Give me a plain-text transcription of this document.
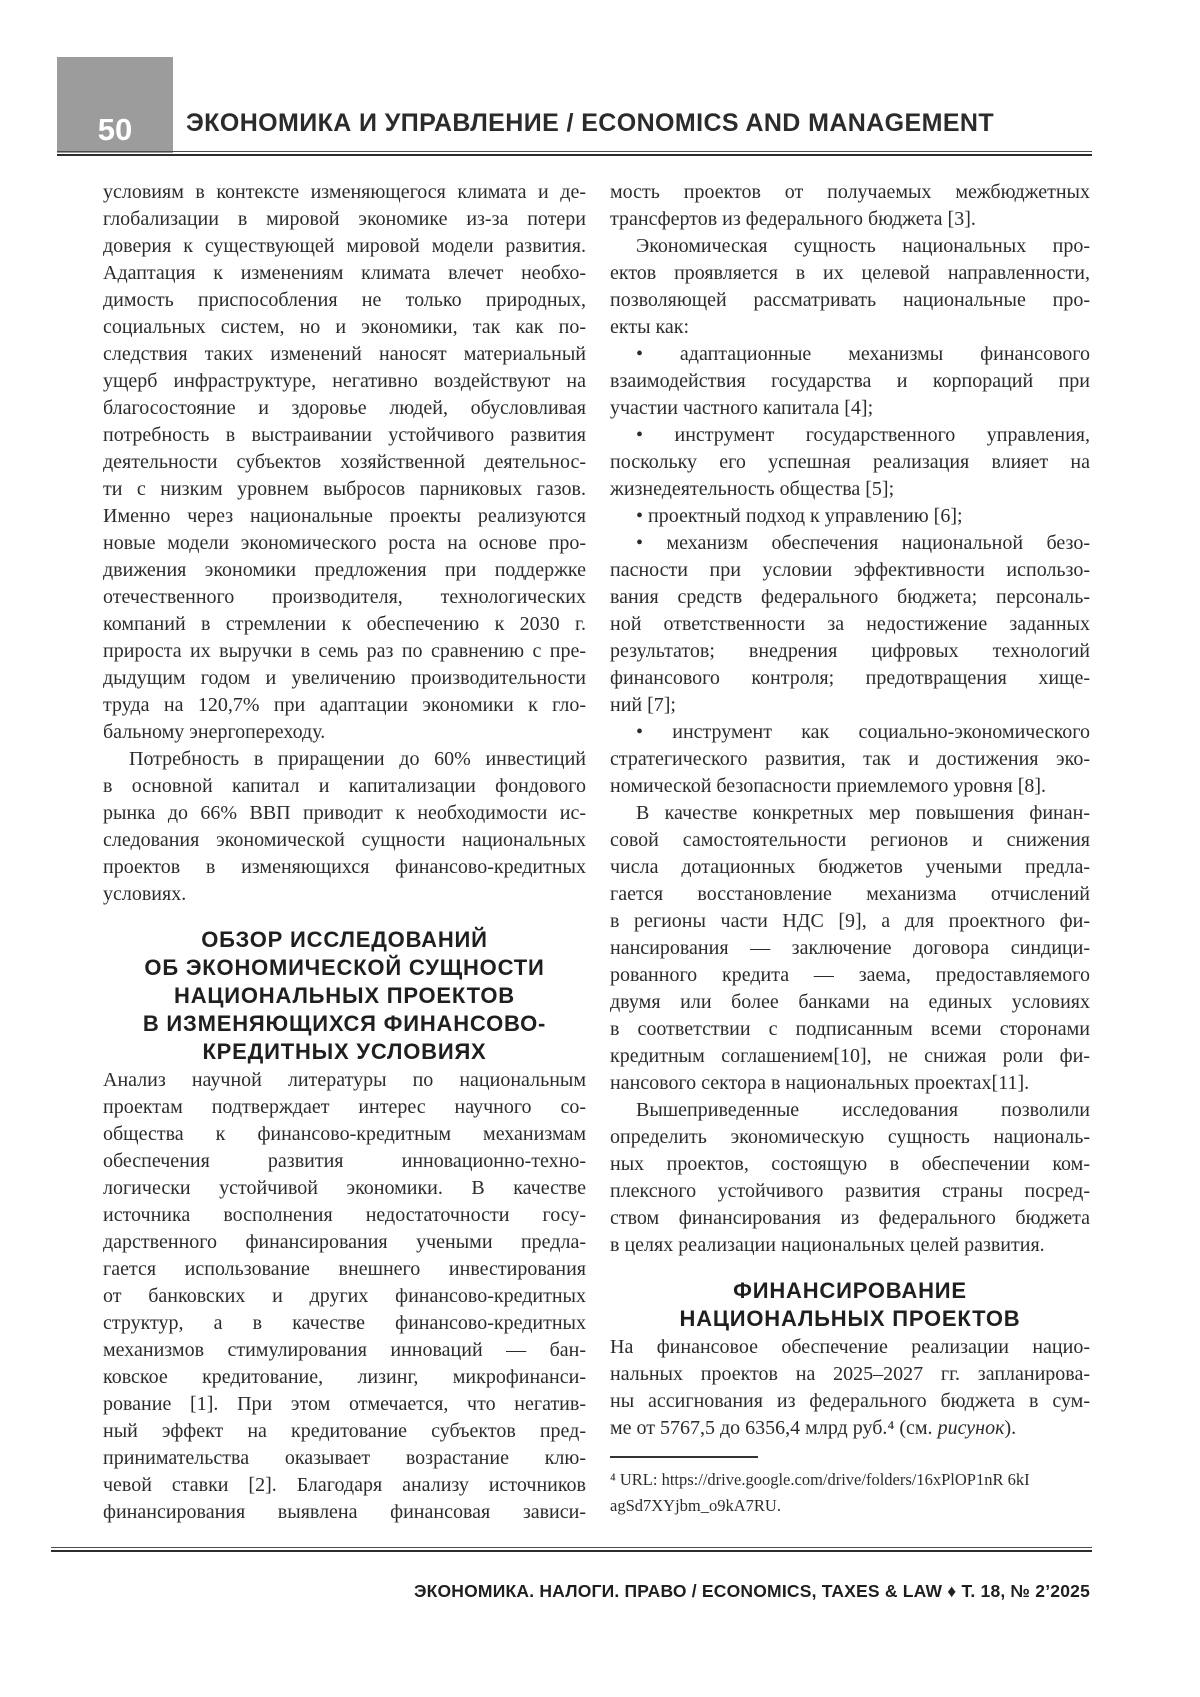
50 ЭКОНОМИКА И УПРАВЛЕНИЕ / ECONOMICS AND MANAGEMENT
условиям в контексте изменяющегося климата и де-
глобализации в мировой экономике из-за потери
доверия к существующей мировой модели развития.
Адаптация к изменениям климата влечет необхо-
димость приспособления не только природных,
социальных систем, но и экономики, так как по-
следствия таких изменений наносят материальный
ущерб инфраструктуре, негативно воздействуют на
благосостояние и здоровье людей, обусловливая
потребность в выстраивании устойчивого развития
деятельности субъектов хозяйственной деятельнос-
ти с низким уровнем выбросов парниковых газов.
Именно через национальные проекты реализуются
новые модели экономического роста на основе про-
движения экономики предложения при поддержке
отечественного производителя, технологических
компаний в стремлении к обеспечению к 2030 г.
прироста их выручки в семь раз по сравнению с пре-
дыдущим годом и увеличению производительности
труда на 120,7% при адаптации экономики к гло-
бальному энергопереходу.
Потребность в приращении до 60% инвестиций
в основной капитал и капитализации фондового
рынка до 66% ВВП приводит к необходимости ис-
следования экономической сущности национальных
проектов в изменяющихся финансово-кредитных
условиях.
ОБЗОР ИССЛЕДОВАНИЙ
ОБ ЭКОНОМИЧЕСКОЙ СУЩНОСТИ
НАЦИОНАЛЬНЫХ ПРОЕКТОВ
В ИЗМЕНЯЮЩИХСЯ ФИНАНСОВО-
КРЕДИТНЫХ УСЛОВИЯХ
Анализ научной литературы по национальным
проектам подтверждает интерес научного со-
общества к финансово-кредитным механизмам
обеспечения развития инновационно-техно-
логически устойчивой экономики. В качестве
источника восполнения недостаточности госу-
дарственного финансирования учеными предла-
гается использование внешнего инвестирования
от банковских и других финансово-кредитных
структур, а в качестве финансово-кредитных
механизмов стимулирования инноваций — бан-
ковское кредитование, лизинг, микрофинанси-
рование [1]. При этом отмечается, что негатив-
ный эффект на кредитование субъектов пред-
принимательства оказывает возрастание клю-
чевой ставки [2]. Благодаря анализу источников
финансирования выявлена финансовая зависи-
мость проектов от получаемых межбюджетных
трансфертов из федерального бюджета [3].
Экономическая сущность национальных про-
ектов проявляется в их целевой направленности,
позволяющей рассматривать национальные про-
екты как:
• адаптационные механизмы финансового
взаимодействия государства и корпораций при
участии частного капитала [4];
• инструмент государственного управления,
поскольку его успешная реализация влияет на
жизнедеятельность общества [5];
• проектный подход к управлению [6];
• механизм обеспечения национальной безо-
пасности при условии эффективности использо-
вания средств федерального бюджета; персональ-
ной ответственности за недостижение заданных
результатов; внедрения цифровых технологий
финансового контроля; предотвращения хище-
ний [7];
• инструмент как социально-экономического
стратегического развития, так и достижения эко-
номической безопасности приемлемого уровня [8].
В качестве конкретных мер повышения финан-
совой самостоятельности регионов и снижения
числа дотационных бюджетов учеными предла-
гается восстановление механизма отчислений
в регионы части НДС [9], а для проектного фи-
нансирования — заключение договора синдици-
рованного кредита — заема, предоставляемого
двумя или более банками на единых условиях
в соответствии с подписанным всеми сторонами
кредитным соглашением[10], не снижая роли фи-
нансового сектора в национальных проектах[11].
Вышеприведенные исследования позволили
определить экономическую сущность националь-
ных проектов, состоящую в обеспечении ком-
плексного устойчивого развития страны посред-
ством финансирования из федерального бюджета
в целях реализации национальных целей развития.
ФИНАНСИРОВАНИЕ
НАЦИОНАЛЬНЫХ ПРОЕКТОВ
На финансовое обеспечение реализации нацио-
нальных проектов на 2025–2027 гг. запланирова-
ны ассигнования из федерального бюджета в сум-
ме от 5767,5 до 6356,4 млрд руб.⁴ (см. рисунок).
⁴ URL: https://drive.google.com/drive/folders/16xPlOP1nR 6kI
agSd7XYjbm_o9kA7RU.
ЭКОНОМИКА. НАЛОГИ. ПРАВО / ECONOMICS, TAXES & LAW ♦ Т. 18, № 2’2025
